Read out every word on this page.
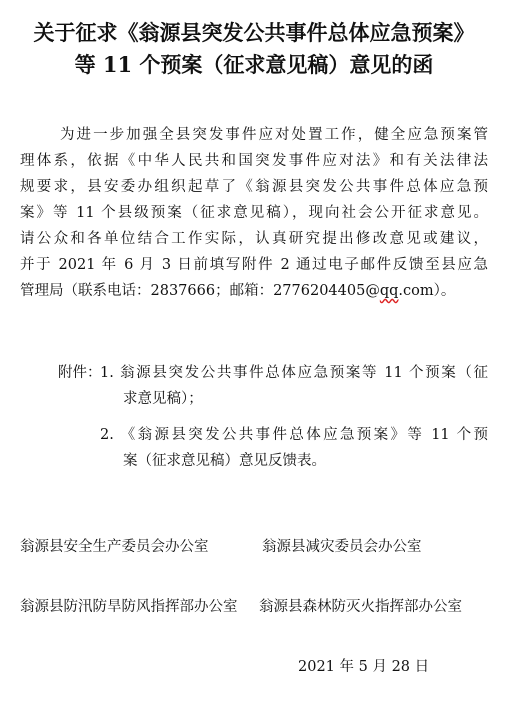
关于征求《翁源县突发公共事件总体应急预案》
等 11 个预案（征求意见稿）意见的函
为进一步加强全县突发事件应对处置工作，健全应急预案管
理体系，依据《中华人民共和国突发事件应对法》和有关法律法
规要求，县安委办组织起草了《翁源县突发公共事件总体应急预
案》等 11 个县级预案（征求意见稿），现向社会公开征求意见。
请公众和各单位结合工作实际，认真研究提出修改意见或建议，
并于 2021 年 6 月 3 日前填写附件 2 通过电子邮件反馈至县应急
管理局（联系电话：2837666；邮箱：2776204405@qq.com）。
附件：
1. 翁源县突发公共事件总体应急预案等 11 个预案（征
求意见稿）；
2. 《翁源县突发公共事件总体应急预案》等 11 个预
案（征求意见稿）意见反馈表。
翁源县安全生产委员会办公室	翁源县减灾委员会办公室
翁源县防汛防旱防风指挥部办公室 翁源县森林防灭火指挥部办公室
2021 年 5 月 28 日
